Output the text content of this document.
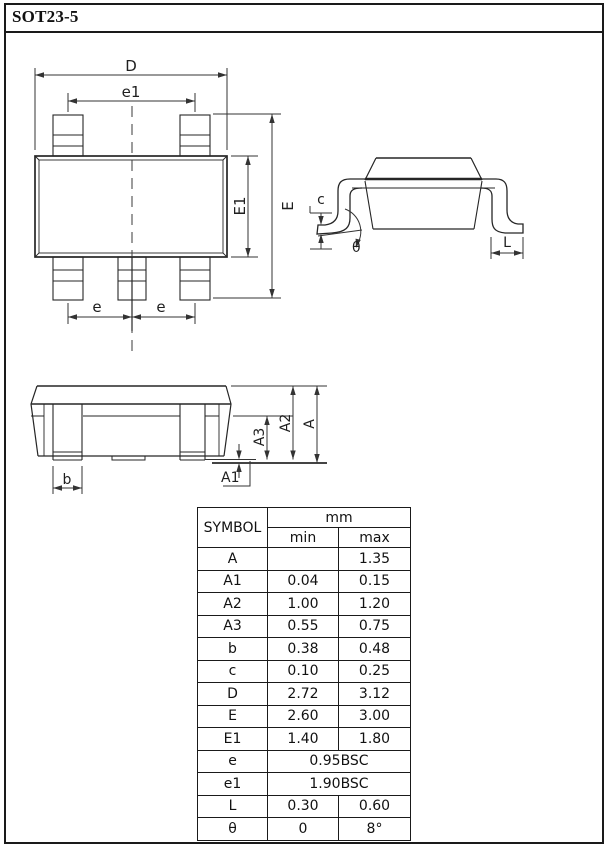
SOT23-5
D
e1
E
E1
e	e
c
θ	L
b	A1
A3
A2 A
SYMBOL	mm	
	min	max
A		1.35
A1	0.04	0.15
A2	1.00	1.20
A3	0.55	0.75
b	0.38	0.48
c	0.10	0.25
D	2.72	3.12
E	2.60	3.00
E1	1.40	1.80
e	0.95BSC	
e1	1.90BSC	
L	0.30	0.60
θ	0	8°
